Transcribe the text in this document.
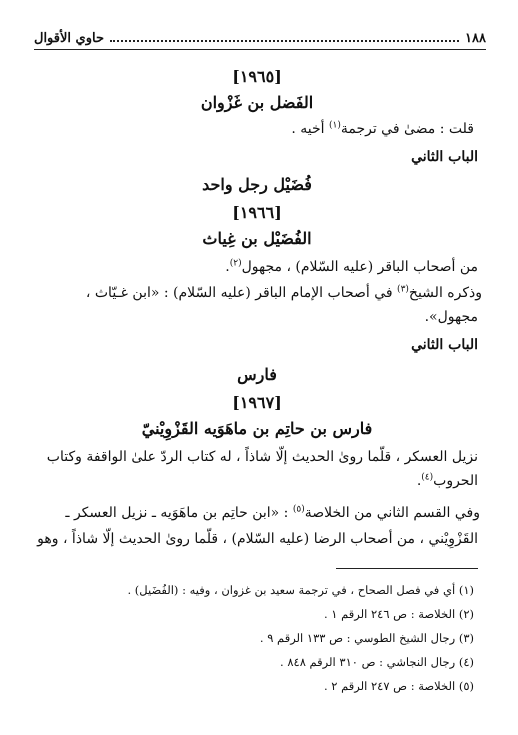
١٨٨
حاوي الأقوال
[١٩٦٥]
الفَضل بن غَزْوان
قلت : مضىٰ في ترجمة$^{(١)}$ أخيه .
الباب الثاني
فُضَيْل رجل واحد
[١٩٦٦]
الفُضَيْل بن غِياث
من أصحاب الباقر (عليه السّلام) ، مجهول$^{(٢)}$.
وذكره الشيخ$^{(٣)}$ في أصحاب الإمام الباقر (عليه السّلام) : «ابن غـيّاث ،
مجهول».
الباب الثاني
فارس
[١٩٦٧]
فارس بن حاتِم بن ماهَوَيه القَزْوِيْنيّ
نزيل العسكر ، قلّما روىٰ الحديث إلّا شاذاً ، له كتاب الردّ علىٰ الواقفة وكتاب
الحروب$^{(٤)}$.
وفي القسم الثاني من الخلاصة$^{(٥)}$ : «ابن حاتِم بن ماهَوَيه ـ نزيل العسكر ـ
القَزْوِيْني ، من أصحاب الرضا (عليه السّلام) ، قلّما روىٰ الحديث إلّا شاذاً ، وهو
(١) أي في فصل الصحاح ، في ترجمة سعيد بن غزوان ، وفيه : (الفُضَيل) .
(٢) الخلاصة : ص ٢٤٦ الرقم ١ .
(٣) رجال الشيخ الطوسي : ص ١٣٣ الرقم ٩ .
(٤) رجال النجاشي : ص ٣١٠ الرقم ٨٤٨ .
(٥) الخلاصة : ص ٢٤٧ الرقم ٢ .
